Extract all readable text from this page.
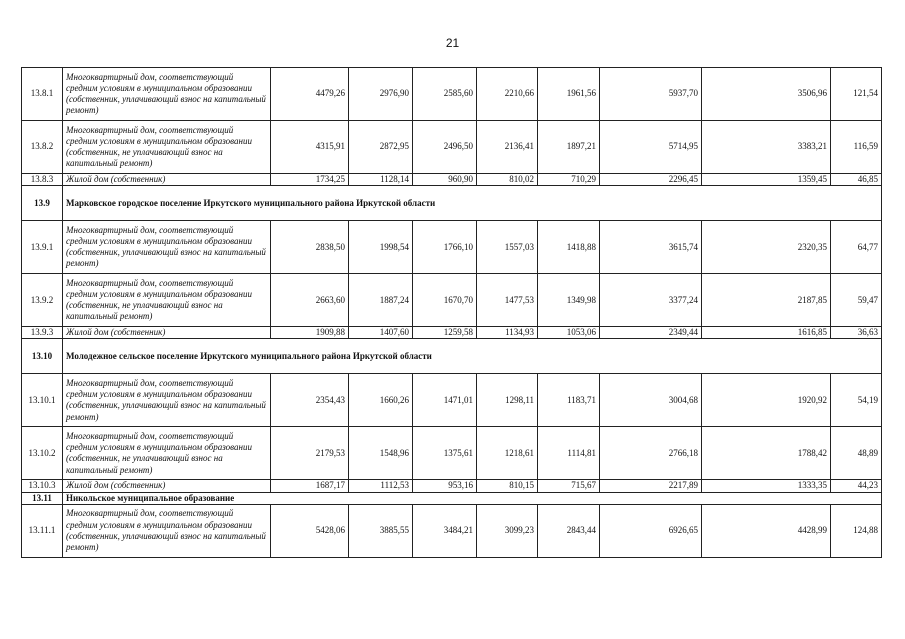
21
13.8.1	Многоквартирный дом, соответствующий средним условиям в муниципальном образовании (собственник, уплачивающий взнос на капитальный ремонт)	4479,26	2976,90	2585,60	2210,66	1961,56	5937,70	3506,96	121,54
13.8.2	Многоквартирный дом, соответствующий средним условиям в муниципальном образовании (собственник, не уплачивающий взнос на капитальный ремонт)	4315,91	2872,95	2496,50	2136,41	1897,21	5714,95	3383,21	116,59
13.8.3	Жилой дом (собственник)	1734,25	1128,14	960,90	810,02	710,29	2296,45	1359,45	46,85
13.9	Марковское городское поселение Иркутского муниципального района Иркутской области								
13.9.1	Многоквартирный дом, соответствующий средним условиям в муниципальном образовании (собственник, уплачивающий взнос на капитальный ремонт)	2838,50	1998,54	1766,10	1557,03	1418,88	3615,74	2320,35	64,77
13.9.2	Многоквартирный дом, соответствующий средним условиям в муниципальном образовании (собственник, не уплачивающий взнос на капитальный ремонт)	2663,60	1887,24	1670,70	1477,53	1349,98	3377,24	2187,85	59,47
13.9.3	Жилой дом (собственник)	1909,88	1407,60	1259,58	1134,93	1053,06	2349,44	1616,85	36,63
13.10	Молодежное сельское поселение Иркутского муниципального района Иркутской области								
13.10.1	Многоквартирный дом, соответствующий средним условиям в муниципальном образовании (собственник, уплачивающий взнос на капитальный ремонт)	2354,43	1660,26	1471,01	1298,11	1183,71	3004,68	1920,92	54,19
13.10.2	Многоквартирный дом, соответствующий средним условиям в муниципальном образовании (собственник, не уплачивающий взнос на капитальный ремонт)	2179,53	1548,96	1375,61	1218,61	1114,81	2766,18	1788,42	48,89
13.10.3	Жилой дом (собственник)	1687,17	1112,53	953,16	810,15	715,67	2217,89	1333,35	44,23
13.11	Никольское муниципальное образование								
13.11.1	Многоквартирный дом, соответствующий средним условиям в муниципальном образовании (собственник, уплачивающий взнос на капитальный ремонт)	5428,06	3885,55	3484,21	3099,23	2843,44	6926,65	4428,99	124,88
